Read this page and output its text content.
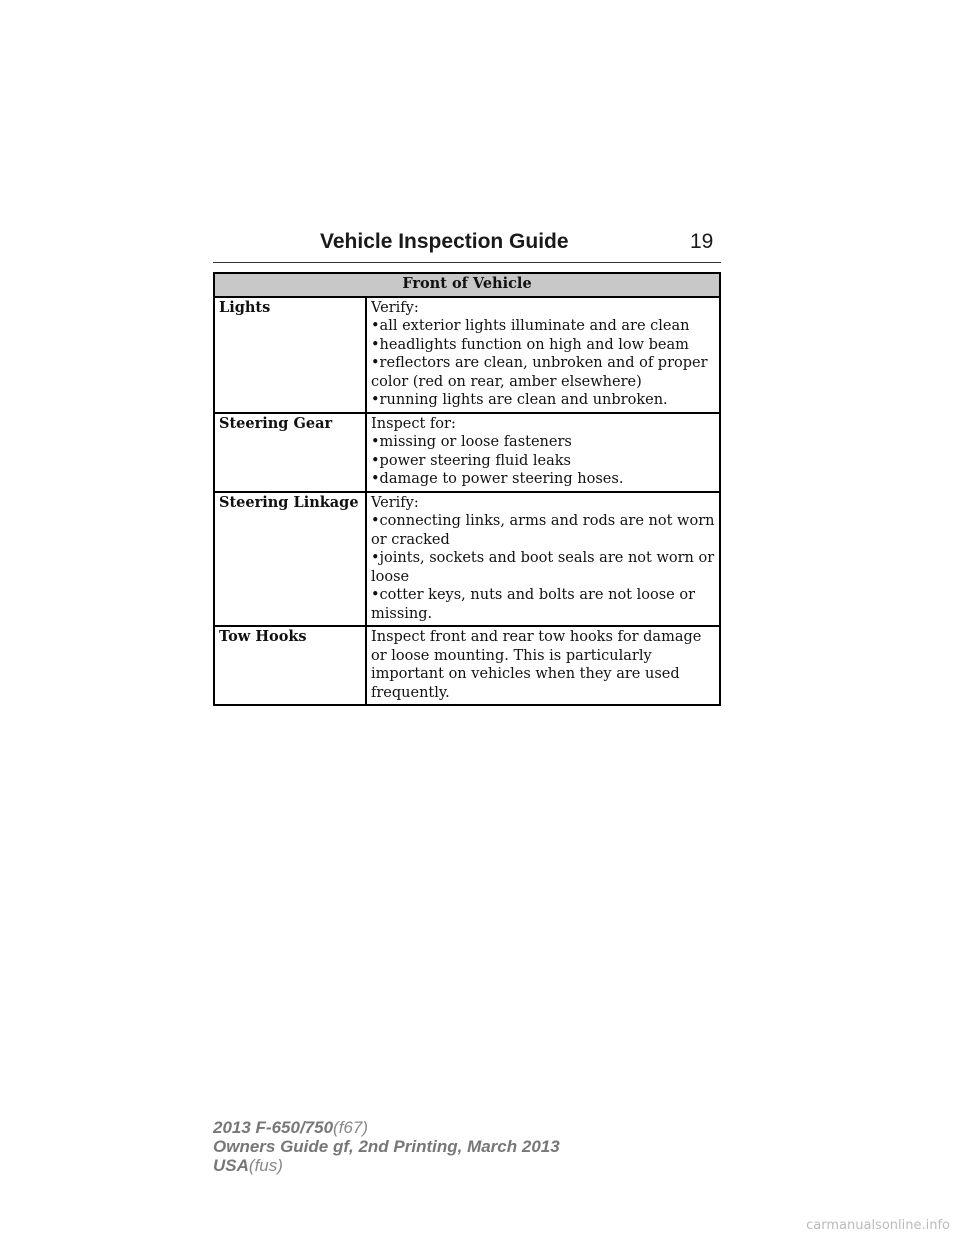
Vehicle Inspection Guide	19
Front of Vehicle	
Lights	Verify:
•all exterior lights illuminate and are clean
•headlights function on high and low beam
•reflectors are clean, unbroken and of proper color (red on rear, amber elsewhere)
•running lights are clean and unbroken.

Steering Gear	Inspect for:
•missing or loose fasteners
•power steering fluid leaks
•damage to power steering hoses.

Steering Linkage	Verify:
•connecting links, arms and rods are not worn or cracked
•joints, sockets and boot seals are not worn or loose
•cotter keys, nuts and bolts are not loose or missing.

Tow Hooks	Inspect front and rear tow hooks for damage or loose mounting. This is particularly important on vehicles when they are used frequently.
2013 F-650/750(f67)
Owners Guide gf, 2nd Printing, March 2013
USA(fus)
carmanualsonline.info
